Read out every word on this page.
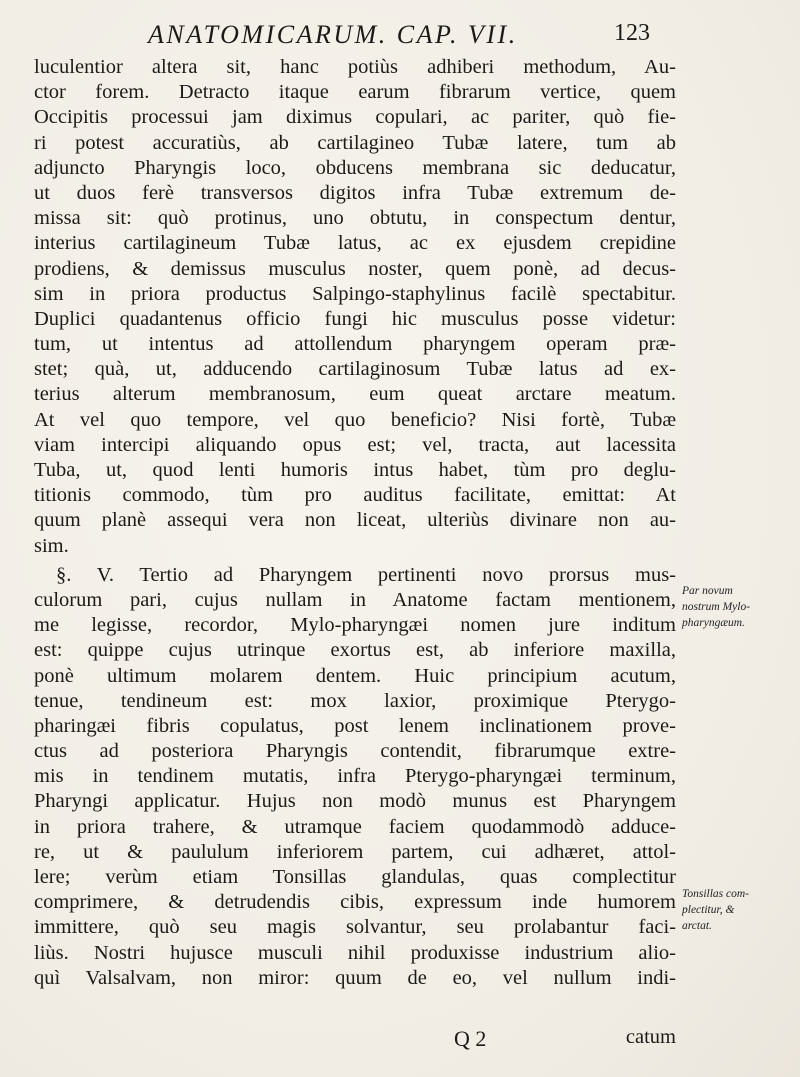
ANATOMICARUM. CAP. VII.	123
luculentior altera sit, hanc potiùs adhiberi methodum, Au-
ctor forem. Detracto itaque earum fibrarum vertice, quem
Occipitis processui jam diximus copulari, ac pariter, quò fie-
ri potest accuratiùs, ab cartilagineo Tubæ latere, tum ab
adjuncto Pharyngis loco, obducens membrana sic deducatur,
ut duos ferè transversos digitos infra Tubæ extremum de-
missa sit: quò protinus, uno obtutu, in conspectum dentur,
interius cartilagineum Tubæ latus, ac ex ejusdem crepidine
prodiens, & demissus musculus noster, quem ponè, ad decus-
sim in priora productus Salpingo-staphylinus facilè spectabitur.
Duplici quadantenus officio fungi hic musculus posse videtur:
tum, ut intentus ad attollendum pharyngem operam præ-
stet; quà, ut, adducendo cartilaginosum Tubæ latus ad ex-
terius alterum membranosum, eum queat arctare meatum.
At vel quo tempore, vel quo beneficio? Nisi fortè, Tubæ
viam intercipi aliquando opus est; vel, tracta, aut lacessita
Tuba, ut, quod lenti humoris intus habet, tùm pro deglu-
titionis commodo, tùm pro auditus facilitate, emittat: At
quum planè assequi vera non liceat, ulteriùs divinare non au-
sim.
§. V. Tertio ad Pharyngem pertinenti novo prorsus mus-
culorum pari, cujus nullam in Anatome factam mentionem,
me legisse, recordor, Mylo-pharyngæi nomen jure inditum
est: quippe cujus utrinque exortus est, ab inferiore maxilla,
ponè ultimum molarem dentem. Huic principium acutum,
tenue, tendineum est: mox laxior, proximique Pterygo-
pharingæi fibris copulatus, post lenem inclinationem prove-
ctus ad posteriora Pharyngis contendit, fibrarumque extre-
mis in tendinem mutatis, infra Pterygo-pharyngæi terminum,
Pharyngi applicatur. Hujus non modò munus est Pharyngem
in priora trahere, & utramque faciem quodammodò adduce-
re, ut & paululum inferiorem partem, cui adhæret, attol-
lere; verùm etiam Tonsillas glandulas, quas complectitur
comprimere, & detrudendis cibis, expressum inde humorem
immittere, quò seu magis solvantur, seu prolabantur faci-
liùs. Nostri hujusce musculi nihil produxisse industrium alio-
quì Valsalvam, non miror: quum de eo, vel nullum indi-
Par novum
nostrum Mylo-
pharyngæum.
Tonsillas com-
plectitur, &
arctat.
Q 2	catum
